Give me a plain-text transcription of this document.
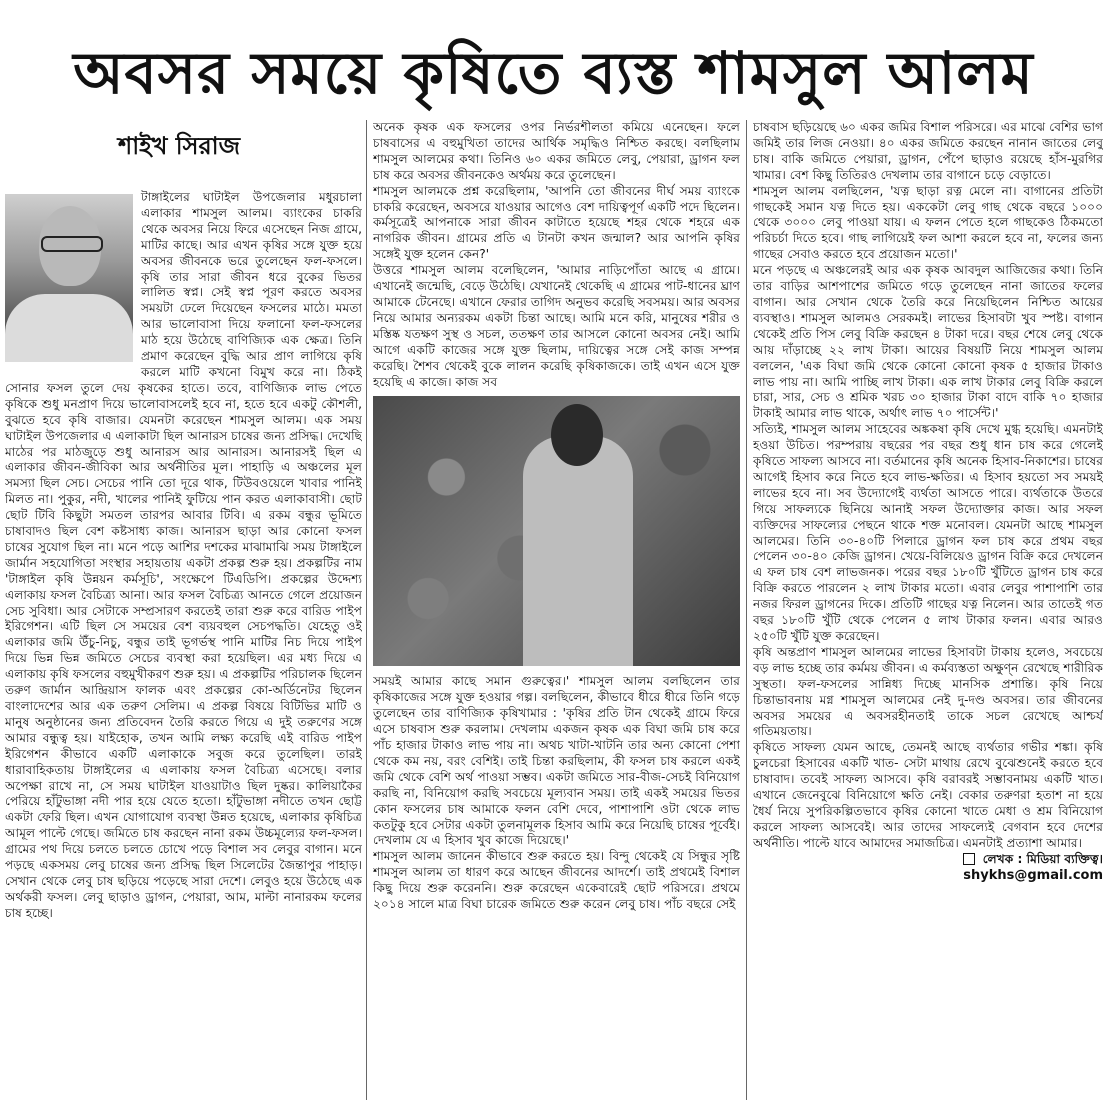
অবসর সময়ে কৃষিতে ব্যস্ত শামসুল আলম
শাইখ সিরাজ

টাঙ্গাইলের ঘাটাইল উপজেলার মধুরচালা এলাকার শামসুল আলম। ব্যাংকের চাকরি থেকে অবসর নিয়ে ফিরে এসেছেন নিজ গ্রামে, মাটির কাছে। আর এখন কৃষির সঙ্গে যুক্ত হয়ে অবসর জীবনকে ভরে তুলেছেন ফল-ফসলে। কৃষি তার সারা জীবন ধরে বুকের ভিতর লালিত স্বপ্ন। সেই স্বপ্ন পূরণ করতে অবসর সময়টা ঢেলে দিয়েছেন ফসলের মাঠে। মমতা আর ভালোবাসা দিয়ে ফলানো ফল-ফসলের মাঠ হয়ে উঠেছে বাণিজ্যিক এক ক্ষেত্র। তিনি প্রমাণ করেছেন বুদ্ধি আর প্রাণ লাগিয়ে কৃষি করলে মাটি কখনো বিমুখ করে না। ঠিকই সোনার ফসল তুলে দেয় কৃষকের হাতে। তবে, বাণিজ্যিক লাভ পেতে কৃষিকে শুধু মনপ্রাণ দিয়ে ভালোবাসলেই হবে না, হতে হবে একটু কৌশলী, বুঝতে হবে কৃষি বাজার। যেমনটা করেছেন শামসুল আলম। এক সময় ঘাটাইল উপজেলার এ এলাকাটা ছিল আনারস চাষের জন্য প্রসিদ্ধ। দেখেছি মাঠের পর মাঠজুড়ে শুধু আনারস আর আনারস। আনারসই ছিল এ এলাকার জীবন-জীবিকা আর অর্থনীতির মূল। পাহাড়ি এ অঞ্চলের মূল সমস্যা ছিল সেচ। সেচের পানি তো দূরে থাক, টিউবওয়েলে খাবার পানিই মিলত না। পুকুর, নদী, খালের পানিই ফুটিয়ে পান করত এলাকাবাসী। ছোট ছোট টিবি কিছুটা সমতল তারপর আবার টিবি। এ রকম বন্ধুর ভূমিতে চাষাবাদও ছিল বেশ কষ্টসাধ্য কাজ। আনারস ছাড়া আর কোনো ফসল চাষের সুযোগ ছিল না। মনে পড়ে আশির দশকের মাঝামাঝি সময় টাঙ্গাইলে জার্মান সহযোগিতা সংস্থার সহায়তায় একটা প্রকল্প শুরু হয়। প্রকল্পটির নাম 'টাঙ্গাইল কৃষি উন্নয়ন কর্মসূচি', সংক্ষেপে টিএডিপি। প্রকল্পের উদ্দেশ্য এলাকায় ফসল বৈচিত্র্য আনা। আর ফসল বৈচিত্র্য আনতে গেলে প্রয়োজন সেচ সুবিধা। আর সেটাকে সম্প্রসারণ করতেই তারা শুরু করে বারিড পাইপ ইরিগেশন। এটি ছিল সে সময়ের বেশ ব্যয়বহুল সেচপদ্ধতি। যেহেতু ওই এলাকার জমি উঁচু-নিচু, বন্ধুর তাই ভূগর্ভস্থ পানি মাটির নিচ দিয়ে পাইপ দিয়ে ভিন্ন ভিন্ন জমিতে সেচের ব্যবস্থা করা হয়েছিল। এর মধ্য দিয়ে এ এলাকায় কৃষি ফসলের বহুমুখীকরণ শুরু হয়। এ প্রকল্পটির পরিচালক ছিলেন তরুণ জার্মান আন্দ্রিয়াস ফালক এবং প্রকল্পের কো-অর্ডিনেটর ছিলেন বাংলাদেশের আর এক তরুণ সেলিম। এ প্রকল্প বিষয়ে বিটিভির মাটি ও মানুষ অনুষ্ঠানের জন্য প্রতিবেদন তৈরি করতে গিয়ে এ দুই তরুণের সঙ্গে আমার বন্ধুত্ব হয়। যাইহোক, তখন আমি লক্ষ্য করেছি এই বারিড পাইপ ইরিগেশন কীভাবে একটি এলাকাকে সবুজ করে তুলেছিল। তারই ধারাবাহিকতায় টাঙ্গাইলের এ এলাকায় ফসল বৈচিত্র্য এসেছে। বলার অপেক্ষা রাখে না, সে সময় ঘাটাইল যাওয়াটাও ছিল দুষ্কর। কালিয়াকৈর পেরিয়ে হাঁটুভাঙ্গা নদী পার হয়ে যেতে হতো। হাঁটুভাঙ্গা নদীতে তখন ছোট্ট একটা ফেরি ছিল। এখন যোগাযোগ ব্যবস্থা উন্নত হয়েছে, এলাকার কৃষিচিত্র আমূল পাল্টে গেছে। জমিতে চাষ করছেন নানা রকম উচ্চমূল্যের ফল-ফসল। গ্রামের পথ দিয়ে চলতে চলতে চোখে পড়ে বিশাল সব লেবুর বাগান। মনে পড়ছে একসময় লেবু চাষের জন্য প্রসিদ্ধ ছিল সিলেটের জৈন্তাপুর পাহাড়। সেখান থেকে লেবু চাষ ছড়িয়ে পড়েছে সারা দেশে। লেবুও হয়ে উঠেছে এক অর্থকরী ফসল। লেবু ছাড়াও ড্রাগন, পেয়ারা, আম, মাল্টা নানারকম ফলের চাষ হচ্ছে।

অনেক কৃষক এক ফসলের ওপর নির্ভরশীলতা কমিয়ে এনেছেন। ফলে চাষবাসের এ বহুমুখিতা তাদের আর্থিক সমৃদ্ধিও নিশ্চিত করছে। বলছিলাম শামসুল আলমের কথা। তিনিও ৬০ একর জমিতে লেবু, পেয়ারা, ড্রাগন ফল চাষ করে অবসর জীবনকেও অর্থময় করে তুলেছেন।

শামসুল আলমকে প্রশ্ন করেছিলাম, 'আপনি তো জীবনের দীর্ঘ সময় ব্যাংকে চাকরি করেছেন, অবসরে যাওয়ার আগেও বেশ দায়িত্বপূর্ণ একটি পদে ছিলেন। কর্মসূত্রেই আপনাকে সারা জীবন কাটাতে হয়েছে শহর থেকে শহরে এক নাগরিক জীবন। গ্রামের প্রতি এ টানটা কখন জন্মাল? আর আপনি কৃষির সঙ্গেই যুক্ত হলেন কেন?'

উত্তরে শামসুল আলম বলেছিলেন, 'আমার নাড়িপোঁতা আছে এ গ্রামে। এখানেই জন্মেছি, বেড়ে উঠেছি। যেখানেই থেকেছি এ গ্রামের পাট-ধানের ঘ্রাণ আমাকে টেনেছে। এখানে ফেরার তাগিদ অনুভব করেছি সবসময়। আর অবসর নিয়ে আমার অন্যরকম একটা চিন্তা আছে। আমি মনে করি, মানুষের শরীর ও মস্তিষ্ক যতক্ষণ সুস্থ ও সচল, ততক্ষণ তার আসলে কোনো অবসর নেই। আমি আগে একটি কাজের সঙ্গে যুক্ত ছিলাম, দায়িত্বের সঙ্গে সেই কাজ সম্পন্ন করেছি। শৈশব থেকেই বুকে লালন করেছি কৃষিকাজকে। তাই এখন এসে যুক্ত হয়েছি এ কাজে। কাজ সব

সময়ই আমার কাছে সমান গুরুত্বের।' শামসুল আলম বলছিলেন তার কৃষিকাজের সঙ্গে যুক্ত হওয়ার গল্প। বলছিলেন, কীভাবে ধীরে ধীরে তিনি গড়ে তুলেছেন তার বাণিজ্যিক কৃষিখামার : 'কৃষির প্রতি টান থেকেই গ্রামে ফিরে এসে চাষবাস শুরু করলাম। দেখলাম একজন কৃষক এক বিঘা জমি চাষ করে পাঁচ হাজার টাকাও লাভ পায় না। অথচ খাটা-খাটনি তার অন্য কোনো পেশা থেকে কম নয়, বরং বেশিই। তাই চিন্তা করছিলাম, কী ফসল চাষ করলে একই জমি থেকে বেশি অর্থ পাওয়া সম্ভব। একটা জমিতে সার-বীজ-সেচই বিনিয়োগ করছি না, বিনিয়োগ করছি সবচেয়ে মূল্যবান সময়। তাই একই সময়ের ভিতর কোন ফসলের চাষ আমাকে ফলন বেশি দেবে, পাশাপাশি ওটা থেকে লাভ কতটুকু হবে সেটার একটা তুলনামূলক হিসাব আমি করে নিয়েছি চাষের পূর্বেই। দেখলাম যে এ হিসাব খুব কাজে দিয়েছে।'

শামসুল আলম জানেন কীভাবে শুরু করতে হয়। বিন্দু থেকেই যে সিন্ধুর সৃষ্টি শামসুল আলম তা ধারণ করে আছেন জীবনের আদর্শে। তাই প্রথমেই বিশাল কিছু দিয়ে শুরু করেননি। শুরু করেছেন একেবারেই ছোট পরিসরে। প্রথমে ২০১৪ সালে মাত্র বিঘা চারেক জমিতে শুরু করেন লেবু চাষ। পাঁচ বছরে সেই

চাষবাস ছড়িয়েছে ৬০ একর জমির বিশাল পরিসরে। এর মাঝে বেশির ভাগ জমিই তার লিজ নেওয়া। ৪০ একর জমিতে করছেন নানান জাতের লেবু চাষ। বাকি জমিতে পেয়ারা, ড্রাগন, পেঁপে ছাড়াও রয়েছে হাঁস-মুরগির খামার। বেশ কিছু তিতিরও দেখলাম তার বাগানে চড়ে বেড়াতে।

শামসুল আলম বলছিলেন, 'যত্ন ছাড়া রত্ন মেলে না। বাগানের প্রতিটা গাছকেই সমান যত্ন দিতে হয়। এককেটা লেবু গাছ থেকে বছরে ১০০০ থেকে ৩০০০ লেবু পাওয়া যায়। এ ফলন পেতে হলে গাছকেও ঠিকমতো পরিচর্চা দিতে হবে। গাছ লাগিয়েই ফল আশা করলে হবে না, ফলের জন্য গাছের সেবাও করতে হবে প্রয়োজন মতো।'

মনে পড়ছে এ অঞ্চলেরই আর এক কৃষক আবদুল আজিজের কথা। তিনি তার বাড়ির আশপাশের জমিতে গড়ে তুলেছেন নানা জাতের ফলের বাগান। আর সেখান থেকে তৈরি করে নিয়েছিলেন নিশ্চিত আয়ের ব্যবস্থাও। শামসুল আলমও সেরকমই। লাভের হিসাবটা খুব স্পষ্ট। বাগান থেকেই প্রতি পিস লেবু বিক্রি করছেন ৪ টাকা দরে। বছর শেষে লেবু থেকে আয় দাঁড়াচ্ছে ২২ লাখ টাকা। আয়ের বিষয়টি নিয়ে শামসুল আলম বললেন, 'এক বিঘা জমি থেকে কোনো কোনো কৃষক ৫ হাজার টাকাও লাভ পায় না। আমি পাচ্ছি লাখ টাকা। এক লাখ টাকার লেবু বিক্রি করলে চারা, সার, সেচ ও শ্রমিক খরচ ৩০ হাজার টাকা বাদে বাকি ৭০ হাজার টাকাই আমার লাভ থাকে, অর্থাৎ লাভ ৭০ পার্সেন্ট।'

সত্যিই, শামসুল আলম সাহেবের অঙ্ককষা কৃষি দেখে মুগ্ধ হয়েছি। এমনটাই হওয়া উচিত। পরম্পরায় বছরের পর বছর শুধু ধান চাষ করে গেলেই কৃষিতে সাফল্য আসবে না। বর্তমানের কৃষি অনেক হিসাব-নিকাশের। চাষের আগেই হিসাব করে নিতে হবে লাভ-ক্ষতির। এ হিসাব হয়তো সব সময়ই লাভের হবে না। সব উদ্যোগেই ব্যর্থতা আসতে পারে। ব্যর্থতাকে উতরে গিয়ে সাফল্যকে ছিনিয়ে আনাই সফল উদ্যোক্তার কাজ। আর সফল ব্যক্তিদের সাফল্যের পেছনে থাকে শক্ত মনোবল। যেমনটা আছে শামসুল আলমের। তিনি ৩০-৪০টি পিলারে ড্রাগন ফল চাষ করে প্রথম বছর পেলেন ৩০-৪০ কেজি ড্রাগন। খেয়ে-বিলিয়েও ড্রাগন বিক্রি করে দেখলেন এ ফল চাষ বেশ লাভজনক। পরের বছর ১৮০টি খুঁটিতে ড্রাগন চাষ করে বিক্রি করতে পারলেন ২ লাখ টাকার মতো। এবার লেবুর পাশাপাশি তার নজর ফিরল ড্রাগনের দিকে। প্রতিটি গাছের যত্ন নিলেন। আর তাতেই গত বছর ১৮০টি খুঁটি থেকে পেলেন ৫ লাখ টাকার ফলন। এবার আরও ২৫০টি খুঁটি যুক্ত করেছেন।

কৃষি অন্তপ্রাণ শামসুল আলমের লাভের হিসাবটা টাকায় হলেও, সবচেয়ে বড় লাভ হচ্ছে তার কর্মময় জীবন। এ কর্মব্যস্ততা অক্ষুণ্ন রেখেছে শারীরিক সুস্থতা। ফল-ফসলের সান্নিধ্য দিচ্ছে মানসিক প্রশান্তি। কৃষি নিয়ে চিন্তাভাবনায় মগ্ন শামসুল আলমের নেই দু-দণ্ড অবসর। তার জীবনের অবসর সময়ের এ অবসরহীনতাই তাকে সচল রেখেছে আশ্চর্য গতিময়তায়।

কৃষিতে সাফল্য যেমন আছে, তেমনই আছে ব্যর্থতার গভীর শঙ্কা। কৃষি চুলচেরা হিসাবের একটি খাত- সেটা মাথায় রেখে বুঝেশুনেই করতে হবে চাষাবাদ। তবেই সাফল্য আসবে। কৃষি বরাবরই সম্ভাবনাময় একটি খাত। এখানে জেনেবুঝে বিনিয়োগে ক্ষতি নেই। বেকার তরুণরা হতাশ না হয়ে ধৈর্য নিয়ে সুপরিকল্পিতভাবে কৃষির কোনো খাতে মেধা ও শ্রম বিনিয়োগ করলে সাফল্য আসবেই। আর তাদের সাফল্যেই বেগবান হবে দেশের অর্থনীতি। পাল্টে যাবে আমাদের সমাজচিত্র। এমনটাই প্রত্যাশা আমার।

লেখক : মিডিয়া ব্যক্তিত্ব।
shykhs@gmail.com
